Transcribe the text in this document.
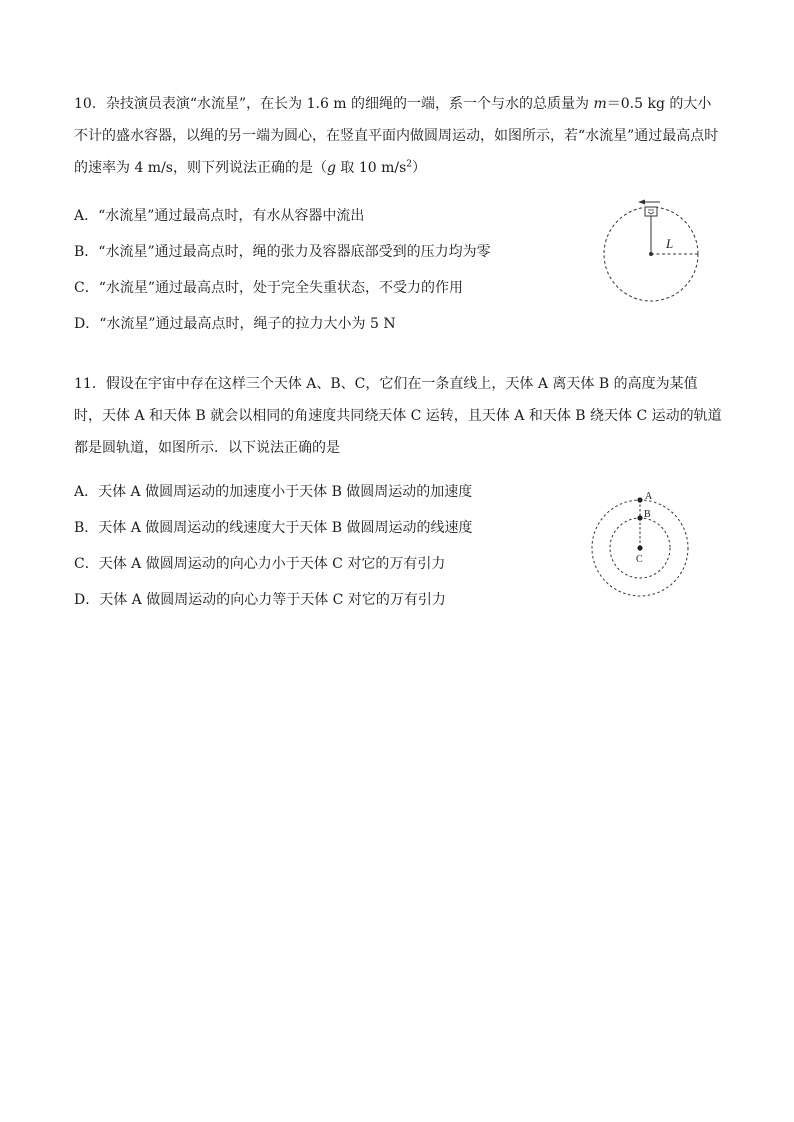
10．杂技演员表演“水流星”，在长为 1.6 m 的细绳的一端，系一个与水的总质量为 m＝0.5 kg 的大小不计的盛水容器，以绳的另一端为圆心，在竖直平面内做圆周运动，如图所示，若“水流星”通过最高点时的速率为 4 m/s，则下列说法正确的是（g 取 10 $m/s^2$）

A．“水流星”通过最高点时，有水从容器中流出

B．“水流星”通过最高点时，绳的张力及容器底部受到的压力均为零

C．“水流星”通过最高点时，处于完全失重状态，不受力的作用

D．“水流星”通过最高点时，绳子的拉力大小为 5 N

L

11．假设在宇宙中存在这样三个天体 A、B、C，它们在一条直线上，天体 A 离天体 B 的高度为某值时，天体 A 和天体 B 就会以相同的角速度共同绕天体 C 运转，且天体 A 和天体 B 绕天体 C 运动的轨道都是圆轨道，如图所示．以下说法正确的是

A．天体 A 做圆周运动的加速度小于天体 B 做圆周运动的加速度

B．天体 A 做圆周运动的线速度大于天体 B 做圆周运动的线速度

C．天体 A 做圆周运动的向心力小于天体 C 对它的万有引力

D．天体 A 做圆周运动的向心力等于天体 C 对它的万有引力

A
B
C
